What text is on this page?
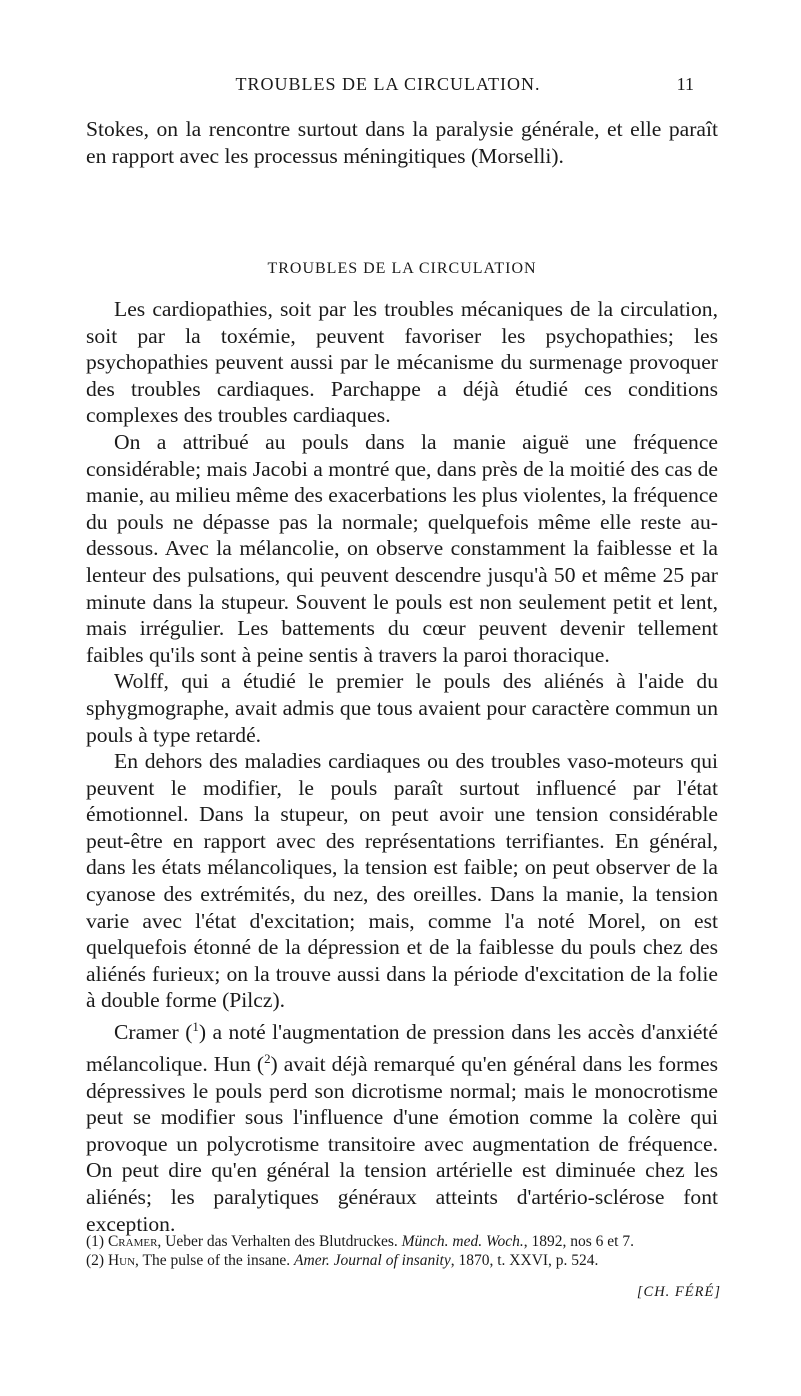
TROUBLES DE LA CIRCULATION.	11

Stokes, on la rencontre surtout dans la paralysie générale, et elle paraît en rapport avec les processus méningitiques (Morselli).

TROUBLES DE LA CIRCULATION

Les cardiopathies, soit par les troubles mécaniques de la circulation, soit par la toxémie, peuvent favoriser les psychopathies; les psychopathies peuvent aussi par le mécanisme du surmenage provoquer des troubles cardiaques. Parchappe a déjà étudié ces conditions complexes des troubles cardiaques.

On a attribué au pouls dans la manie aiguë une fréquence considérable; mais Jacobi a montré que, dans près de la moitié des cas de manie, au milieu même des exacerbations les plus violentes, la fréquence du pouls ne dépasse pas la normale; quelquefois même elle reste au-dessous. Avec la mélancolie, on observe constamment la faiblesse et la lenteur des pulsations, qui peuvent descendre jusqu'à 50 et même 25 par minute dans la stupeur. Souvent le pouls est non seulement petit et lent, mais irrégulier. Les battements du cœur peuvent devenir tellement faibles qu'ils sont à peine sentis à travers la paroi thoracique.

Wolff, qui a étudié le premier le pouls des aliénés à l'aide du sphygmographe, avait admis que tous avaient pour caractère commun un pouls à type retardé.

En dehors des maladies cardiaques ou des troubles vaso-moteurs qui peuvent le modifier, le pouls paraît surtout influencé par l'état émotionnel. Dans la stupeur, on peut avoir une tension considérable peut-être en rapport avec des représentations terrifiantes. En général, dans les états mélancoliques, la tension est faible; on peut observer de la cyanose des extrémités, du nez, des oreilles. Dans la manie, la tension varie avec l'état d'excitation; mais, comme l'a noté Morel, on est quelquefois étonné de la dépression et de la faiblesse du pouls chez des aliénés furieux; on la trouve aussi dans la période d'excitation de la folie à double forme (Pilcz).

Cramer ($^1$) a noté l'augmentation de pression dans les accès d'anxiété mélancolique. Hun ($^2$) avait déjà remarqué qu'en général dans les formes dépressives le pouls perd son dicrotisme normal; mais le monocrotisme peut se modifier sous l'influence d'une émotion comme la colère qui provoque un polycrotisme transitoire avec augmentation de fréquence. On peut dire qu'en général la tension artérielle est diminuée chez les aliénés; les paralytiques généraux atteints d'artério-sclérose font exception.

(1) Cramer, Ueber das Verhalten des Blutdruckes. Münch. med. Woch., 1892, nos 6 et 7.

(2) Hun, The pulse of the insane. Amer. Journal of insanity, 1870, t. XXVI, p. 524.

[CH. FÉRÉ]
